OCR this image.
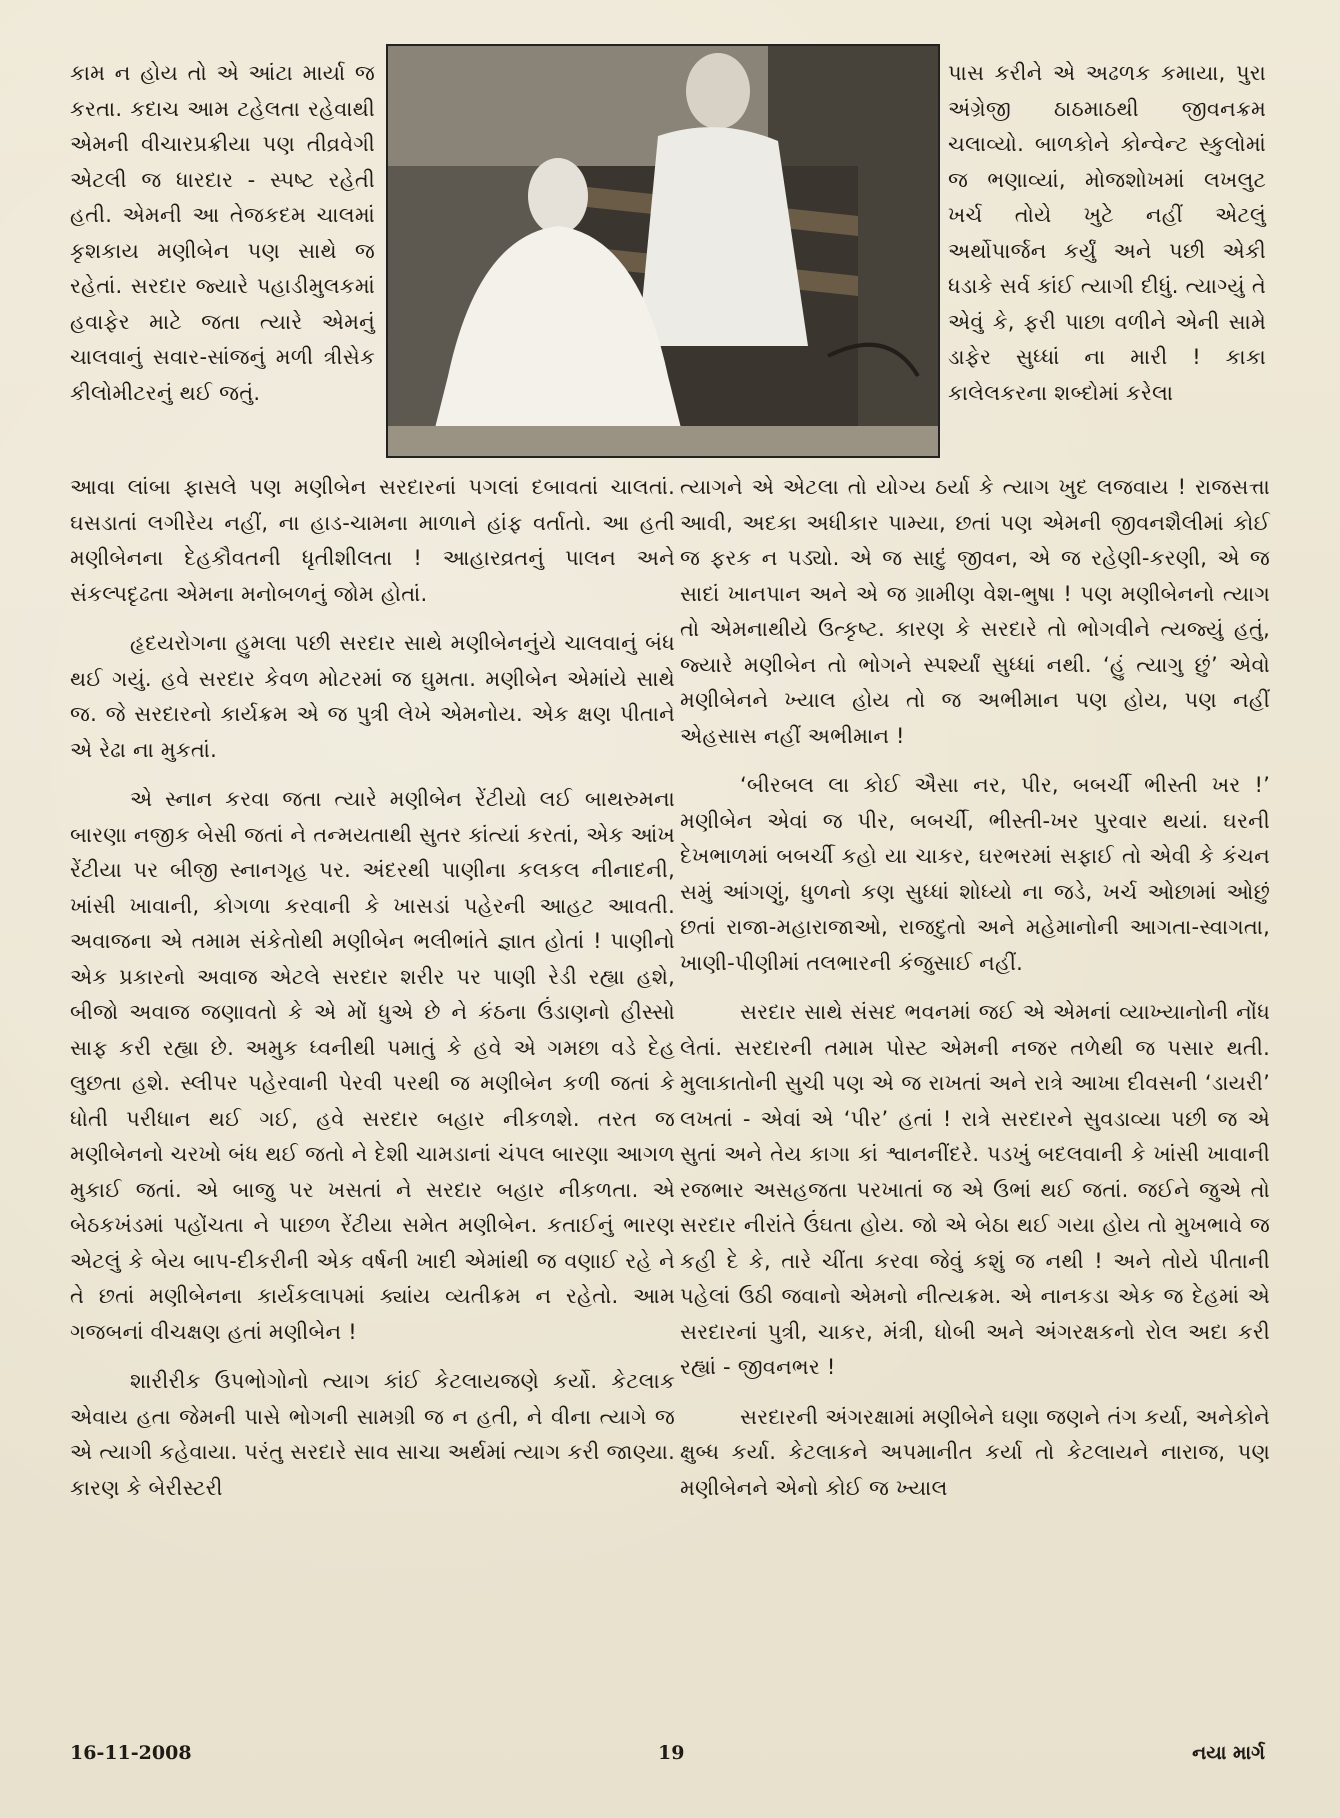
કામ ન હોય તો એ આંટા માર્યા જ કરતા. કદાચ આમ ટહેલતા રહેવાથી એમની વીચારપ્રક્રીયા પણ તીવ્રવેગી એટલી જ ધારદાર - સ્પષ્ટ રહેતી હતી. એમની આ તેજકદમ ચાલમાં કૃશકાય મણીબેન પણ સાથે જ રહેતાં. સરદાર જ્યારે પહાડીમુલકમાં હવાફેર માટે જતા ત્યારે એમનું ચાલવાનું સવાર-સાંજનું મળી ત્રીસેક કીલોમીટરનું થઈ જતું.

પાસ કરીને એ અઢળક કમાયા, પુરા અંગ્રેજી ઠાઠમાઠથી જીવનક્રમ ચલાવ્યો. બાળકોને કોન્વેન્ટ સ્કુલોમાં જ ભણાવ્યાં, મોજશોખમાં લખલુટ ખર્ચ તોયે ખુટે નહીં એટલું અર્થોપાર્જન કર્યું અને પછી એકી ધડાકે સર્વ કાંઈ ત્યાગી દીધું. ત્યાગ્યું તે એવું કે, ફરી પાછા વળીને એની સામે ડાફેર સુધ્ધાં ના મારી ! કાકા કાલેલકરના શબ્દોમાં કરેલા

આવા લાંબા ફાસલે પણ મણીબેન સરદારનાં પગલાં દબાવતાં ચાલતાં. ઘસડાતાં લગીરેય નહીં, ના હાડ-ચામના માળાને હાંફ વર્તાતો. આ હતી મણીબેનના દેહકૌવતની ધૃતીશીલતા ! આહારવ્રતનું પાલન અને સંકલ્પદૃઢતા એમના મનોબળનું જોમ હોતાં.

હૃદયરોગના હુમલા પછી સરદાર સાથે મણીબેનનુંયે ચાલવાનું બંધ થઈ ગયું. હવે સરદાર કેવળ મોટરમાં જ ઘુમતા. મણીબેન એમાંયે સાથે જ. જે સરદારનો કાર્યક્રમ એ જ પુત્રી લેખે એમનોય. એક ક્ષણ પીતાને એ રેઢા ના મુકતાં.

એ સ્નાન કરવા જતા ત્યારે મણીબેન રેંટીયો લઈ બાથરુમના બારણા નજીક બેસી જતાં ને તન્મયતાથી સુતર કાંત્યાં કરતાં, એક આંખ રેંટીયા પર બીજી સ્નાનગૃહ પર. અંદરથી પાણીના કલકલ નીનાદની, ખાંસી ખાવાની, કોગળા કરવાની કે ખાસડાં પહેરની આહટ આવતી. અવાજના એ તમામ સંકેતોથી મણીબેન ભલીભાંતે જ્ઞાત હોતાં ! પાણીનો એક પ્રકારનો અવાજ એટલે સરદાર શરીર પર પાણી રેડી રહ્યા હશે, બીજો અવાજ જણાવતો કે એ મોં ધુએ છે ને કંઠના ઉંડાણનો હીસ્સો સાફ કરી રહ્યા છે. અમુક ધ્વનીથી પમાતું કે હવે એ ગમછા વડે દેહ લુછતા હશે. સ્લીપર પહેરવાની પેરવી પરથી જ મણીબેન કળી જતાં કે ધોતી પરીધાન થઈ ગઈ, હવે સરદાર બહાર નીકળશે. તરત જ મણીબેનનો ચરખો બંધ થઈ જતો ને દેશી ચામડાનાં ચંપલ બારણા આગળ મુકાઈ જતાં. એ બાજુ પર ખસતાં ને સરદાર બહાર નીકળતા. એ બેઠકખંડમાં પહોંચતા ને પાછળ રેંટીયા સમેત મણીબેન. કતાઈનું ભારણ એટલું કે બેય બાપ-દીકરીની એક વર્ષની ખાદી એમાંથી જ વણાઈ રહે ને તે છતાં મણીબેનના કાર્યકલાપમાં ક્યાંય વ્યતીક્રમ ન રહેતો. આમ ગજબનાં વીચક્ષણ હતાં મણીબેન !

શારીરીક ઉપભોગોનો ત્યાગ કાંઈ કેટલાયજણે કર્યો. કેટલાક એવાય હતા જેમની પાસે ભોગની સામગ્રી જ ન હતી, ને વીના ત્યાગે જ એ ત્યાગી કહેવાયા. પરંતુ સરદારે સાવ સાચા અર્થમાં ત્યાગ કરી જાણ્યા. કારણ કે બેરીસ્ટરી

ત્યાગને એ એટલા તો યોગ્ય ઠર્યા કે ત્યાગ ખુદ લજવાય ! રાજસત્તા આવી, અદકા અધીકાર પામ્યા, છતાં પણ એમની જીવનશૈલીમાં કોઈ જ ફરક ન પડ્યો. એ જ સાદું જીવન, એ જ રહેણી-કરણી, એ જ સાદાં ખાનપાન અને એ જ ગ્રામીણ વેશ-ભુષા ! પણ મણીબેનનો ત્યાગ તો એમનાથીયે ઉત્કૃષ્ટ. કારણ કે સરદારે તો ભોગવીને ત્યજ્યું હતું, જ્યારે મણીબેન તો ભોગને સ્પર્શ્યાં સુધ્ધાં નથી. ‘હું ત્યાગુ છું’ એવો મણીબેનને ખ્યાલ હોય તો જ અભીમાન પણ હોય, પણ નહીં એહસાસ નહીં અભીમાન !

‘બીરબલ લા કોઈ ઐસા નર, પીર, બબર્ચી ભીસ્તી ખર !’ મણીબેન એવાં જ પીર, બબર્ચી, ભીસ્તી-ખર પુરવાર થયાં. ઘરની દેખભાળમાં બબર્ચી કહો યા ચાકર, ઘરભરમાં સફાઈ તો એવી કે કંચન સમું આંગણું, ધુળનો કણ સુધ્ધાં શોધ્યો ના જડે, ખર્ચ ઓછામાં ઓછું છતાં રાજા-મહારાજાઓ, રાજદુતો અને મહેમાનોની આગતા-સ્વાગતા, ખાણી-પીણીમાં તલભારની કંજુસાઈ નહીં.

સરદાર સાથે સંસદ ભવનમાં જઈ એ એમનાં વ્યાખ્યાનોની નોંધ લેતાં. સરદારની તમામ પોસ્ટ એમની નજર તળેથી જ પસાર થતી. મુલાકાતોની સુચી પણ એ જ રાખતાં અને રાત્રે આખા દીવસની ‘ડાયરી’ લખતાં - એવાં એ ‘પીર’ હતાં ! રાત્રે સરદારને સુવડાવ્યા પછી જ એ સુતાં અને તેય કાગા કાં શ્વાનનીંદરે. પડખું બદલવાની કે ખાંસી ખાવાની રજભાર અસહજતા પરખાતાં જ એ ઉભાં થઈ જતાં. જઈને જુએ તો સરદાર નીરાંતે ઉંઘતા હોય. જો એ બેઠા થઈ ગયા હોય તો મુખભાવે જ કહી દે કે, તારે ચીંતા કરવા જેવું કશું જ નથી ! અને તોયે પીતાની પહેલાં ઉઠી જવાનો એમનો નીત્યક્રમ. એ નાનકડા એક જ દેહમાં એ સરદારનાં પુત્રી, ચાકર, મંત્રી, ધોબી અને અંગરક્ષકનો રોલ અદા કરી રહ્યાં - જીવનભર !

સરદારની અંગરક્ષામાં મણીબેને ઘણા જણને તંગ કર્યા, અનેકોને ક્ષુબ્ધ કર્યા. કેટલાકને અપમાનીત કર્યા તો કેટલાયને નારાજ, પણ મણીબેનને એનો કોઈ જ ખ્યાલ

16-11-2008	19	નયા માર્ગ
